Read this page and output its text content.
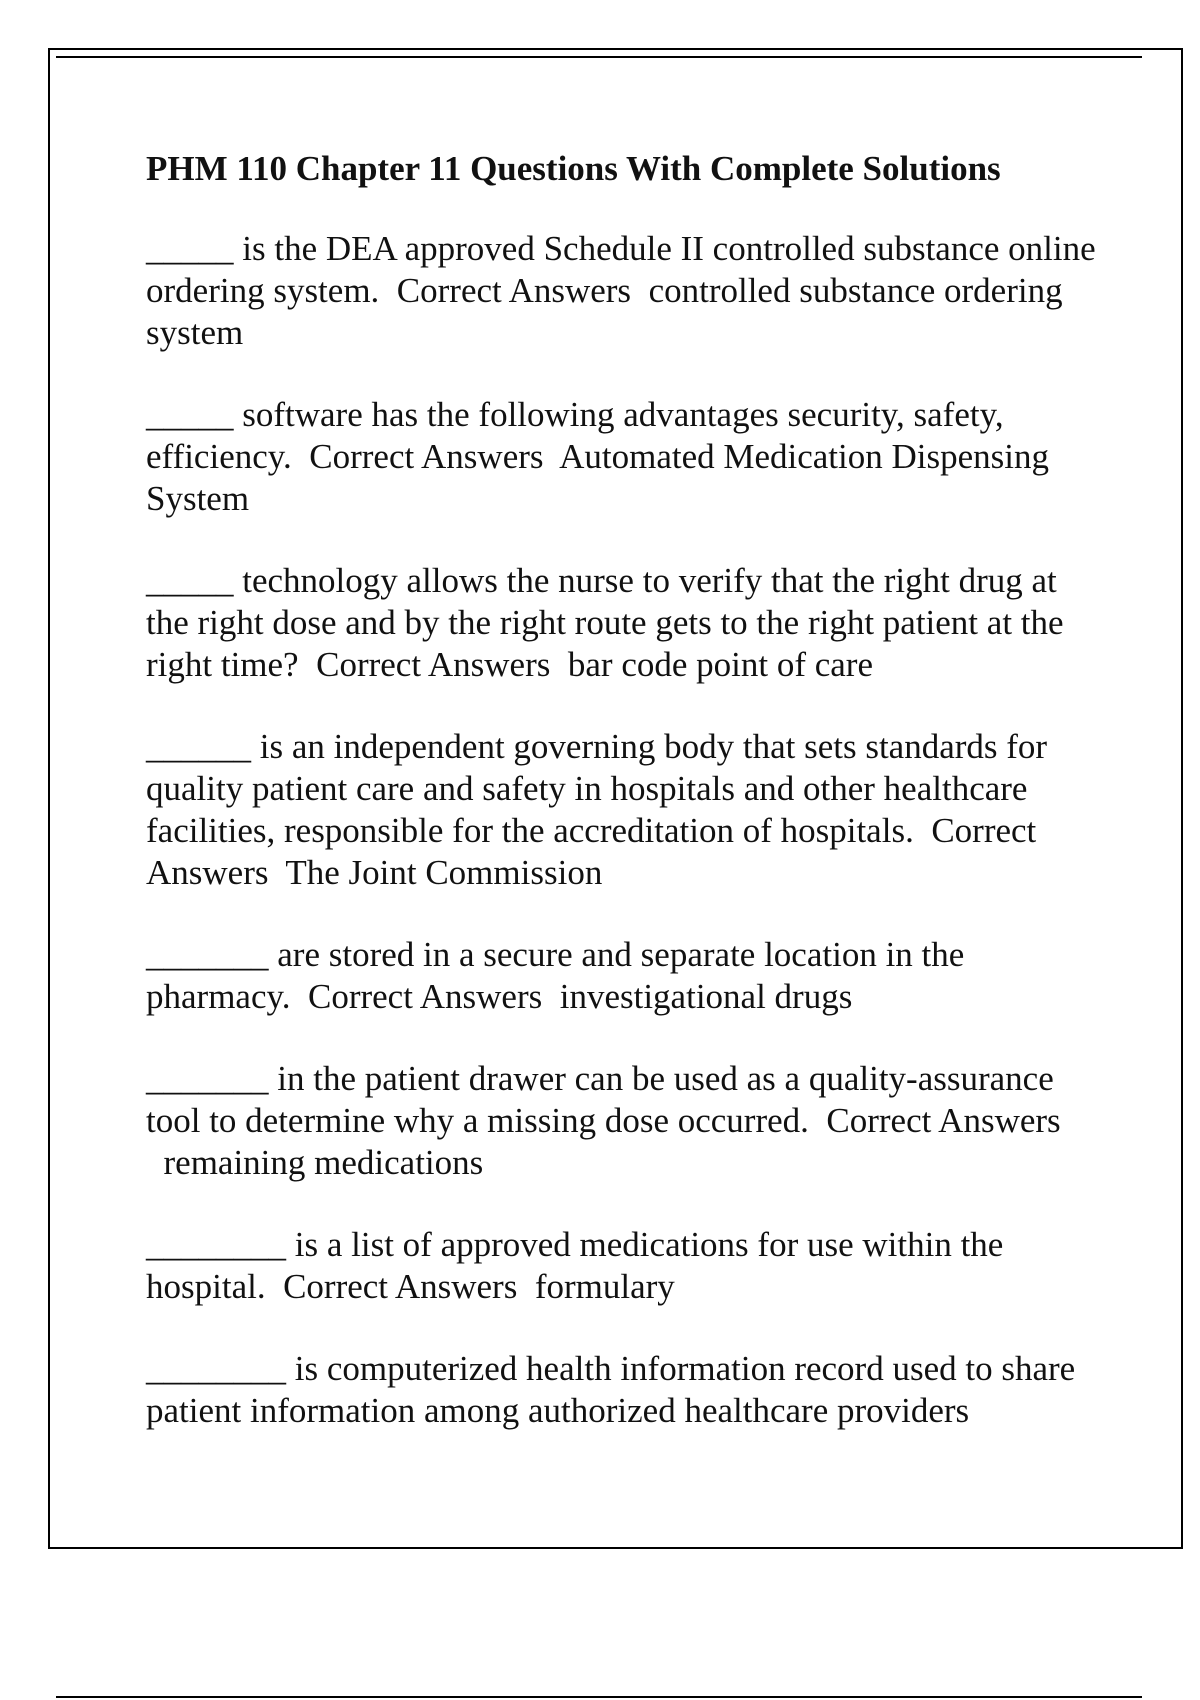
PHM 110 Chapter 11 Questions With Complete Solutions

_____ is the DEA approved Schedule II controlled substance online ordering system. Correct Answers controlled substance ordering system

_____ software has the following advantages security, safety, efficiency. Correct Answers Automated Medication Dispensing System

_____ technology allows the nurse to verify that the right drug at the right dose and by the right route gets to the right patient at the right time? Correct Answers bar code point of care

______ is an independent governing body that sets standards for quality patient care and safety in hospitals and other healthcare facilities, responsible for the accreditation of hospitals. Correct Answers The Joint Commission

_______ are stored in a secure and separate location in the pharmacy. Correct Answers investigational drugs

_______ in the patient drawer can be used as a quality-assurance tool to determine why a missing dose occurred. Correct Answers  remaining medications

________ is a list of approved medications for use within the hospital. Correct Answers formulary

________ is computerized health information record used to share patient information among authorized healthcare providers
